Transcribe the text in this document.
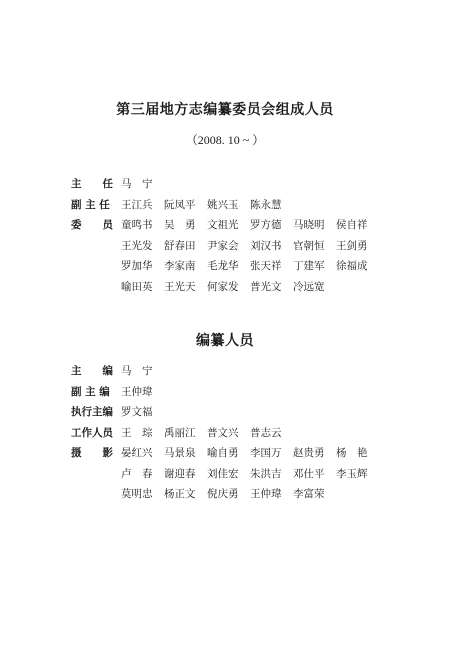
第三届地方志编纂委员会组成人员
（2008. 10 ~ ）
主　　任 马　宁
副 主 任	王江兵 阮凤平 姚兴玉 陈永慧
委　　员 童鸣书 吴　勇 文祖光 罗方德 马晓明 侯自祥
王光发 舒春田 尹家会 刘汉书 官朝恒 王剑勇
罗加华 李家南 毛龙华 张天祥 丁建军 徐福成
喻田英 王光天 何家发 普光文 冷远宽
编纂人员
主　　编 马　宁
副 主 编	王仲瑋
执行主编 罗文福
工作人员 王　琮 禹丽江 普文兴 普志云
摄　　影 晏红兴 马景泉 喻自勇 李国万 赵贵勇 杨　艳
卢　春 谢迎春 刘佳宏 朱洪吉 邓仕平 李玉辉
莫明忠 杨正文 倪庆勇 王仲瑋 李富荣
